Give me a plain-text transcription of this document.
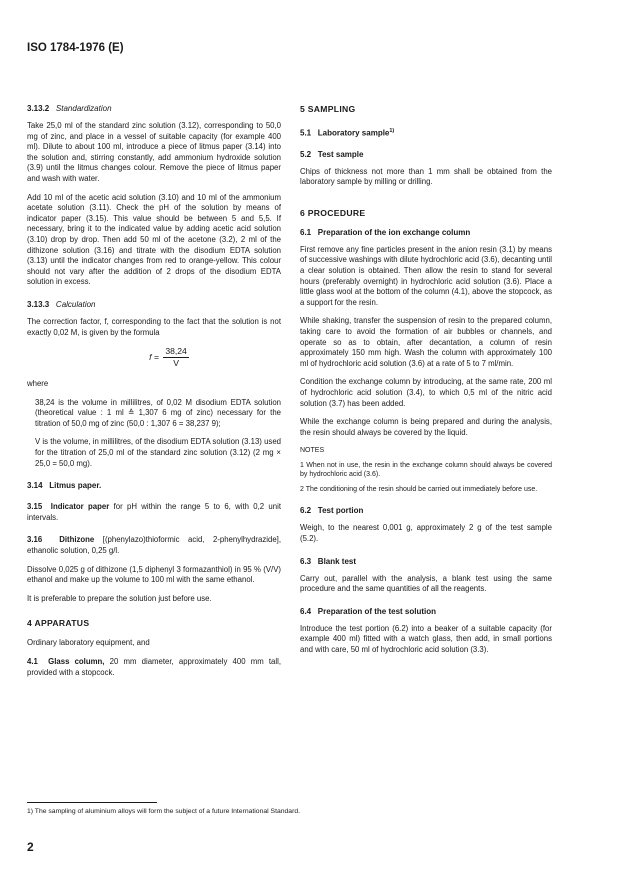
ISO 1784-1976 (E)
3.13.2 Standardization

Take 25,0 ml of the standard zinc solution (3.12), corresponding to 50,0 mg of zinc, and place in a vessel of suitable capacity (for example 400 ml). Dilute to about 100 ml, introduce a piece of litmus paper (3.14) into the solution and, stirring constantly, add ammonium hydroxide solution (3.9) until the litmus changes colour. Remove the piece of litmus paper and wash with water.

Add 10 ml of the acetic acid solution (3.10) and 10 ml of the ammonium acetate solution (3.11). Check the pH of the solution by means of indicator paper (3.15). This value should be between 5 and 5,5. If necessary, bring it to the indicated value by adding acetic acid solution (3.10) drop by drop. Then add 50 ml of the acetone (3.2), 2 ml of the dithizone solution (3.16) and titrate with the disodium EDTA solution (3.13) until the indicator changes from red to orange-yellow. This colour should not vary after the addition of 2 drops of the disodium EDTA solution in excess.

3.13.3 Calculation

The correction factor, f, corresponding to the fact that the solution is not exactly 0,02 M, is given by the formula

$f = \frac{38,24}{V}$

where

38,24 is the volume in millilitres, of 0,02 M disodium EDTA solution (theoretical value : 1 ml ≙ 1,307 6 mg of zinc) necessary for the titration of 50,0 mg of zinc (50,0 : 1,307 6 = 38,237 9);

V is the volume, in millilitres, of the disodium EDTA solution (3.13) used for the titration of 25,0 ml of the standard zinc solution (3.12) (2 mg × 25,0 = 50,0 mg).

3.14 Litmus paper.

3.15 Indicator paper for pH within the range 5 to 6, with 0,2 unit intervals.

3.16 Dithizone [(phenylazo)thioformic acid, 2-phenylhydrazide], ethanolic solution, 0,25 g/l.

Dissolve 0,025 g of dithizone (1,5 diphenyl 3 formazanthiol) in 95 % (V/V) ethanol and make up the volume to 100 ml with the same ethanol.

It is preferable to prepare the solution just before use.

4 APPARATUS

Ordinary laboratory equipment, and

4.1 Glass column, 20 mm diameter, approximately 400 mm tall, provided with a stopcock.

5 SAMPLING
5.1 Laboratory sample$^{1)}$
5.2 Test sample

Chips of thickness not more than 1 mm shall be obtained from the laboratory sample by milling or drilling.

6 PROCEDURE
6.1 Preparation of the ion exchange column

First remove any fine particles present in the anion resin (3.1) by means of successive washings with dilute hydrochloric acid (3.6), decanting until a clear solution is obtained. Then allow the resin to stand for several hours (preferably overnight) in hydrochloric acid solution (3.6). Place a little glass wool at the bottom of the column (4.1), above the stopcock, as a support for the resin.

While shaking, transfer the suspension of resin to the prepared column, taking care to avoid the formation of air bubbles or channels, and operate so as to obtain, after decantation, a column of resin approximately 150 mm high. Wash the column with approximately 100 ml of hydrochloric acid solution (3.6) at a rate of 5 to 7 ml/min.

Condition the exchange column by introducing, at the same rate, 200 ml of hydrochloric acid solution (3.4), to which 0,5 ml of the nitric acid solution (3.7) has been added.

While the exchange column is being prepared and during the analysis, the resin should always be covered by the liquid.

NOTES
1 When not in use, the resin in the exchange column should always be covered by hydrochloric acid (3.6).
2 The conditioning of the resin should be carried out immediately before use.
6.2 Test portion

Weigh, to the nearest 0,001 g, approximately 2 g of the test sample (5.2).

6.3 Blank test

Carry out, parallel with the analysis, a blank test using the same procedure and the same quantities of all the reagents.

6.4 Preparation of the test solution

Introduce the test portion (6.2) into a beaker of a suitable capacity (for example 400 ml) fitted with a watch glass, then add, in small portions and with care, 50 ml of hydrochloric acid solution (3.3).

1) The sampling of aluminium alloys will form the subject of a future International Standard.
2
